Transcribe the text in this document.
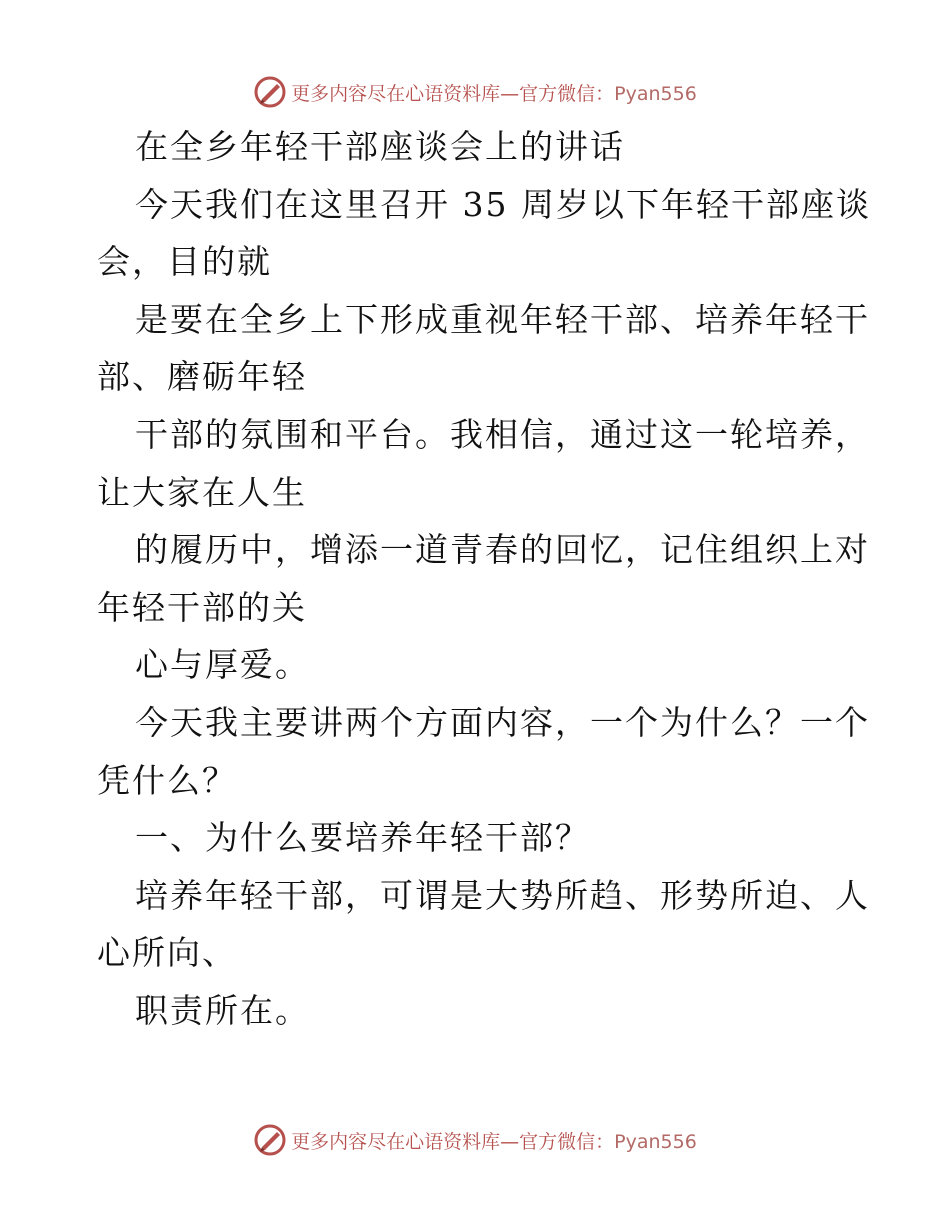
更多内容尽在心语资料库—官方微信：Pyan556
在全乡年轻干部座谈会上的讲话
今天我们在这里召开 35 周岁以下年轻干部座谈
会，目的就
是要在全乡上下形成重视年轻干部、培养年轻干
部、磨砺年轻
干部的氛围和平台。我相信，通过这一轮培养，
让大家在人生
的履历中，增添一道青春的回忆，记住组织上对
年轻干部的关
心与厚爱。
今天我主要讲两个方面内容，一个为什么？一个
凭什么？
一、为什么要培养年轻干部？
培养年轻干部，可谓是大势所趋、形势所迫、人
心所向、
职责所在。
更多内容尽在心语资料库—官方微信：Pyan556
